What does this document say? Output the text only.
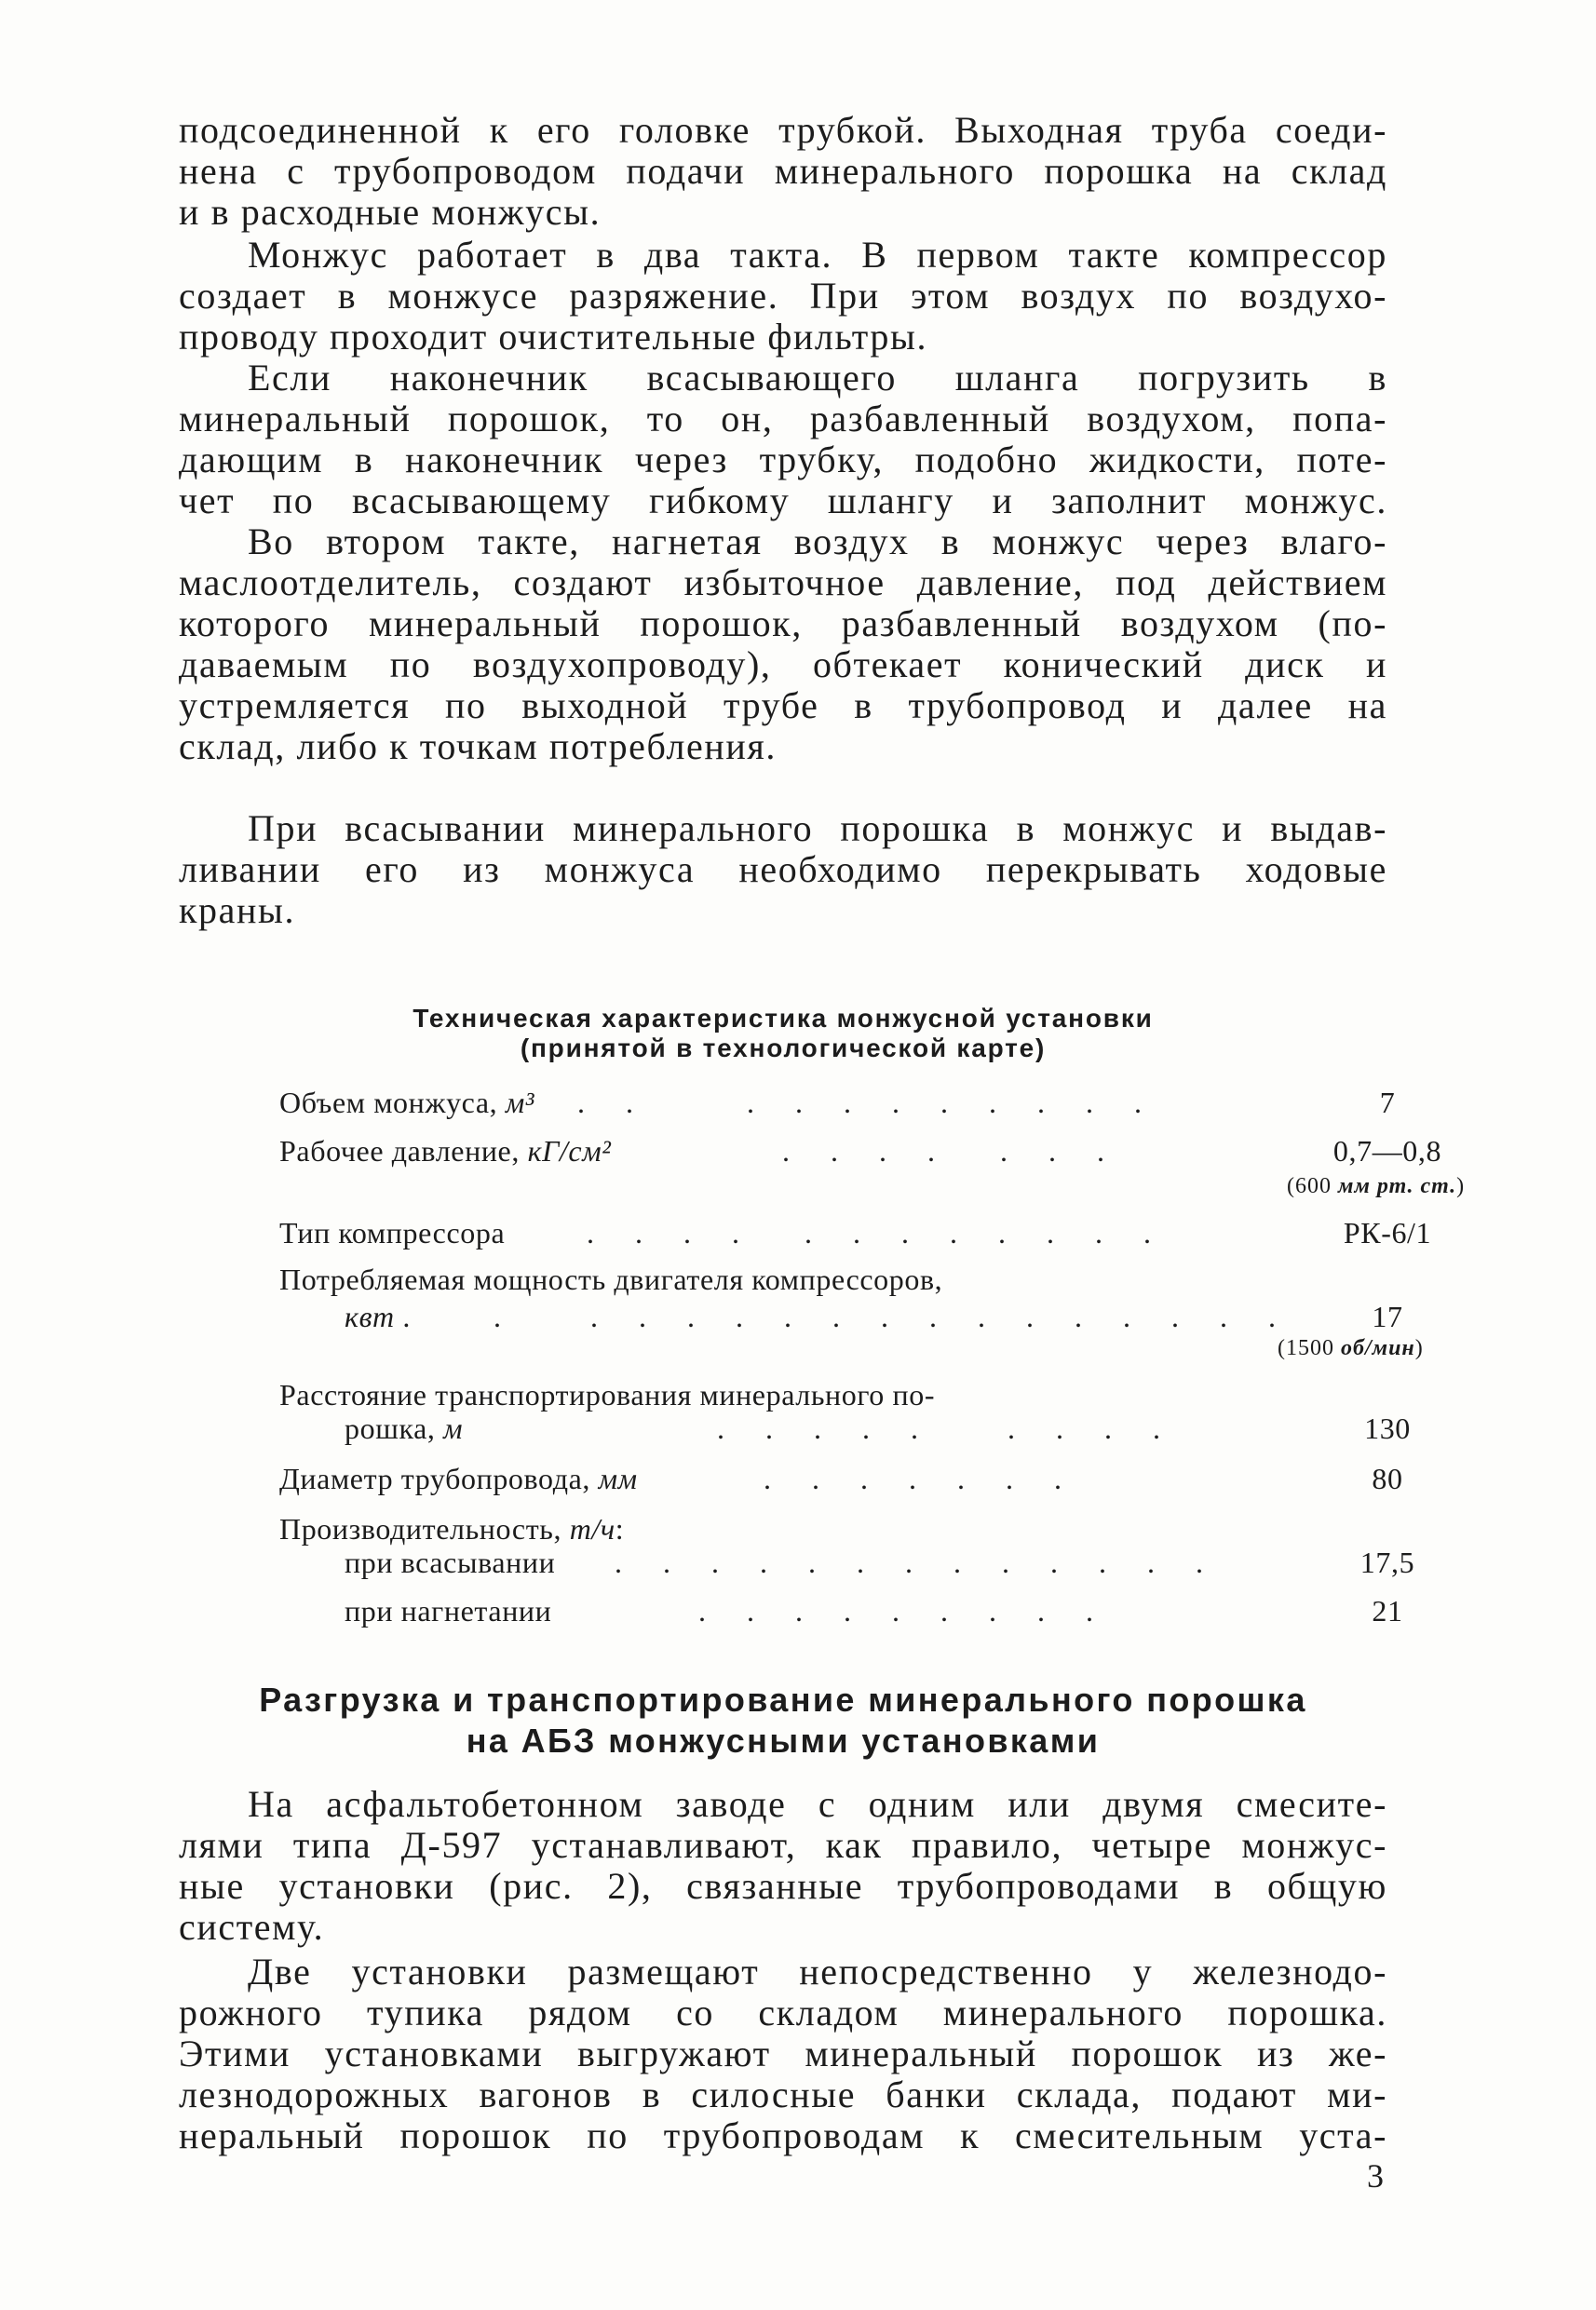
подсоединенной к его головке трубкой. Выходная труба соеди-
нена с трубопроводом подачи минерального порошка на склад
и в расходные монжусы.
Монжус работает в два такта. В первом такте компрессор
создает в монжусе разряжение. При этом воздух по воздухо-
проводу проходит очистительные фильтры.
Если наконечник всасывающего шланга погрузить в
минеральный порошок, то он, разбавленный воздухом, попа-
дающим в наконечник через трубку, подобно жидкости, поте-
чет по всасывающему гибкому шлангу и заполнит монжус.
Во втором такте, нагнетая воздух в монжус через влаго-
маслоотделитель, создают избыточное давление, под действием
которого минеральный порошок, разбавленный воздухом (по-
даваемым по воздухопроводу), обтекает конический диск и
устремляется по выходной трубе в трубопровод и далее на
склад, либо к точкам потребления.
При всасывании минерального порошка в монжус и выдав-
ливании его из монжуса необходимо перекрывать ходовые
краны.
Техническая характеристика монжусной установки
(принятой в технологической карте)
Объем монжуса, м³ . .    . . . . . . . . .	7
Рабочее давление, кГ/см²	. . . .  . . .	0,7—0,8
(600 мм рт. ст.)
Тип компрессора	. . . .  . . . . . . . .	РК-6/1
Потребляемая мощность двигателя компрессоров,
квт .	.   . . . . . . . . . . . . . . .	17
(1500 об/мин)
Расстояние транспортирования минерального по-
рошка, м	. . . . .   . . . .	130
Диаметр трубопровода, мм	. . . . . . .	80
Производительность, т/ч:
при всасывании . . . . . . . . . . . . .	17,5
при нагнетании	. . . . . . . . .	21
Разгрузка и транспортирование минерального порошка
на АБЗ монжусными установками
На асфальтобетонном заводе с одним или двумя смесите-
лями типа Д-597 устанавливают, как правило, четыре монжус-
ные установки (рис. 2), связанные трубопроводами в общую
систему.
Две установки размещают непосредственно у железнодо-
рожного тупика рядом со складом минерального порошка.
Этими установками выгружают минеральный порошок из же-
лезнодорожных вагонов в силосные банки склада, подают ми-
неральный порошок по трубопроводам к смесительным уста-
3
